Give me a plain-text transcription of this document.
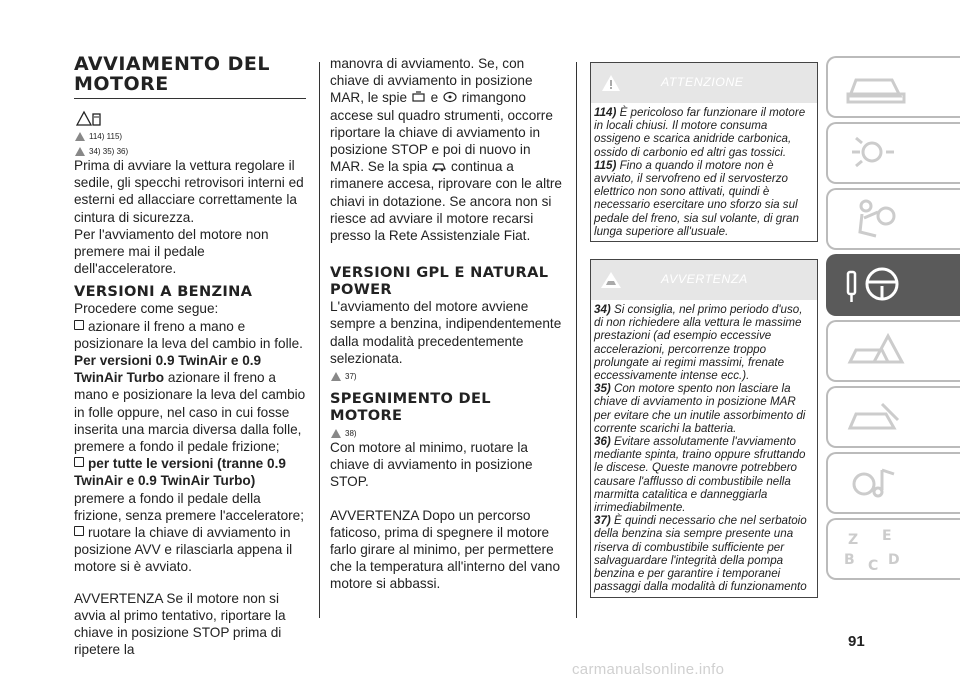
AVVIAMENTO DEL MOTORE
114) 115)
34) 35) 36)

Prima di avviare la vettura regolare il sedile, gli specchi retrovisori interni ed esterni ed allacciare correttamente la cintura di sicurezza.

Per l'avviamento del motore non premere mai il pedale dell'acceleratore.

VERSIONI A BENZINA

Procedere come segue:

azionare il freno a mano e posizionare la leva del cambio in folle.

Per versioni 0.9 TwinAir e 0.9 TwinAir Turbo azionare il freno a mano e posizionare la leva del cambio in folle oppure, nel caso in cui fosse inserita una marcia diversa dalla folle, premere a fondo il pedale frizione;

per tutte le versioni (tranne 0.9 TwinAir e 0.9 TwinAir Turbo) premere a fondo il pedale della frizione, senza premere l'acceleratore;

ruotare la chiave di avviamento in posizione AVV e rilasciarla appena il motore si è avviato.

AVVERTENZA Se il motore non si avvia al primo tentativo, riportare la chiave in posizione STOP prima di ripetere la

manovra di avviamento. Se, con chiave di avviamento in posizione MAR, le spie e rimangono accese sul quadro strumenti, occorre riportare la chiave di avviamento in posizione STOP e poi di nuovo in MAR. Se la spia continua a rimanere accesa, riprovare con le altre chiavi in dotazione. Se ancora non si riesce ad avviare il motore recarsi presso la Rete Assistenziale Fiat.

VERSIONI GPL E NATURAL POWER

L'avviamento del motore avviene sempre a benzina, indipendentemente dalla modalità precedentemente selezionata.

37)
SPEGNIMENTO DEL MOTORE
38)

Con motore al minimo, ruotare la chiave di avviamento in posizione STOP.

AVVERTENZA Dopo un percorso faticoso, prima di spegnere il motore farlo girare al minimo, per permettere che la temperatura all'interno del vano motore si abbassi.

ATTENZIONE

114) È pericoloso far funzionare il motore in locali chiusi. Il motore consuma ossigeno e scarica anidride carbonica, ossido di carbonio ed altri gas tossici.

115) Fino a quando il motore non è avviato, il servofreno ed il servosterzo elettrico non sono attivati, quindi è necessario esercitare uno sforzo sia sul pedale del freno, sia sul volante, di gran lunga superiore all'usuale.

AVVERTENZA

34) Si consiglia, nel primo periodo d'uso, di non richiedere alla vettura le massime prestazioni (ad esempio eccessive accelerazioni, percorrenze troppo prolungate ai regimi massimi, frenate eccessivamente intense ecc.).

35) Con motore spento non lasciare la chiave di avviamento in posizione MAR per evitare che un inutile assorbimento di corrente scarichi la batteria.

36) Evitare assolutamente l'avviamento mediante spinta, traino oppure sfruttando le discese. Queste manovre potrebbero causare l'afflusso di combustibile nella marmitta catalitica e danneggiarla irrimediabilmente.

37) È quindi necessario che nel serbatoio della benzina sia sempre presente una riserva di combustibile sufficiente per salvaguardare l'integrità della pompa benzina e per garantire i temporanei passaggi dalla modalità di funzionamento

Z E
B C D
91
carmanualsonline.info
